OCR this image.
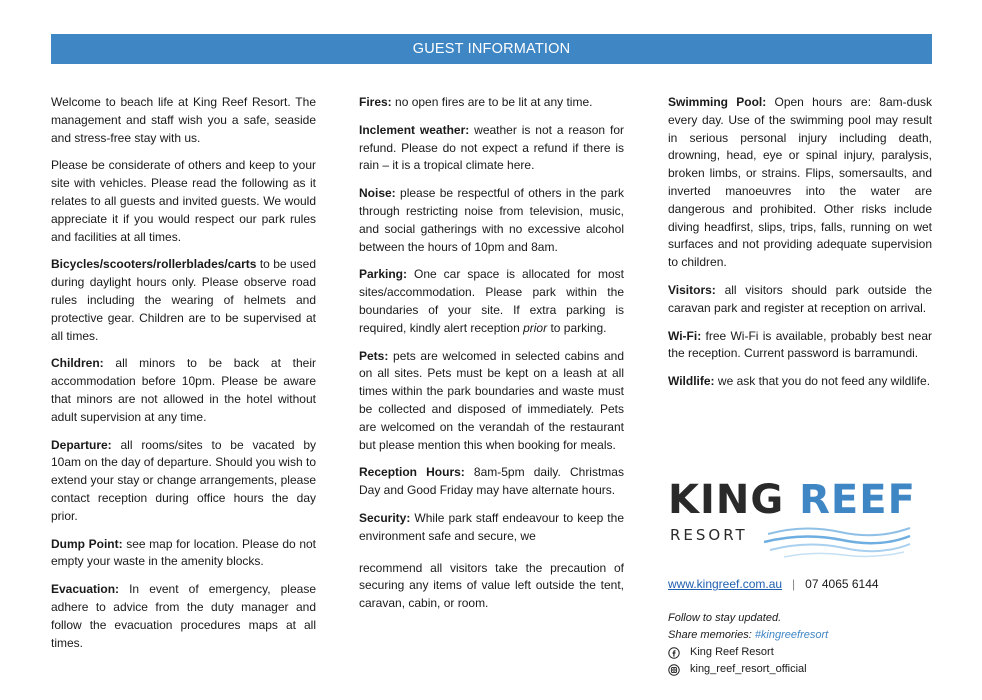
GUEST INFORMATION

Welcome to beach life at King Reef Resort. The management and staff wish you a safe, seaside and stress-free stay with us.

Please be considerate of others and keep to your site with vehicles. Please read the following as it relates to all guests and invited guests. We would appreciate it if you would respect our park rules and facilities at all times.

Bicycles/scooters/rollerblades/carts to be used during daylight hours only. Please observe road rules including the wearing of helmets and protective gear. Children are to be supervised at all times.

Children: all minors to be back at their accommodation before 10pm. Please be aware that minors are not allowed in the hotel without adult supervision at any time.

Departure: all rooms/sites to be vacated by 10am on the day of departure. Should you wish to extend your stay or change arrangements, please contact reception during office hours the day prior.

Dump Point: see map for location. Please do not empty your waste in the amenity blocks.

Evacuation: In event of emergency, please adhere to advice from the duty manager and follow the evacuation procedures maps at all times.

Fires: no open fires are to be lit at any time.

Inclement weather: weather is not a reason for refund. Please do not expect a refund if there is rain – it is a tropical climate here.

Noise: please be respectful of others in the park through restricting noise from television, music, and social gatherings with no excessive alcohol between the hours of 10pm and 8am.

Parking: One car space is allocated for most sites/accommodation. Please park within the boundaries of your site. If extra parking is required, kindly alert reception prior to parking.

Pets: pets are welcomed in selected cabins and on all sites. Pets must be kept on a leash at all times within the park boundaries and waste must be collected and disposed of immediately. Pets are welcomed on the verandah of the restaurant but please mention this when booking for meals.

Reception Hours: 8am-5pm daily. Christmas Day and Good Friday may have alternate hours.

Security: While park staff endeavour to keep the environment safe and secure, we

recommend all visitors take the precaution of securing any items of value left outside the tent, caravan, cabin, or room.

Swimming Pool: Open hours are: 8am-dusk every day. Use of the swimming pool may result in serious personal injury including death, drowning, head, eye or spinal injury, paralysis, broken limbs, or strains. Flips, somersaults, and inverted manoeuvres into the water are dangerous and prohibited. Other risks include diving headfirst, slips, trips, falls, running on wet surfaces and not providing adequate supervision to children.

Visitors: all visitors should park outside the caravan park and register at reception on arrival.

Wi-Fi: free Wi-Fi is available, probably best near the reception. Current password is barramundi.

Wildlife: we ask that you do not feed any wildlife.

KING REEF
RESORT
www.kingreef.com.au | 07 4065 6144
Follow to stay updated.
Share memories: #kingreefresort
King Reef Resort
king_reef_resort_official
